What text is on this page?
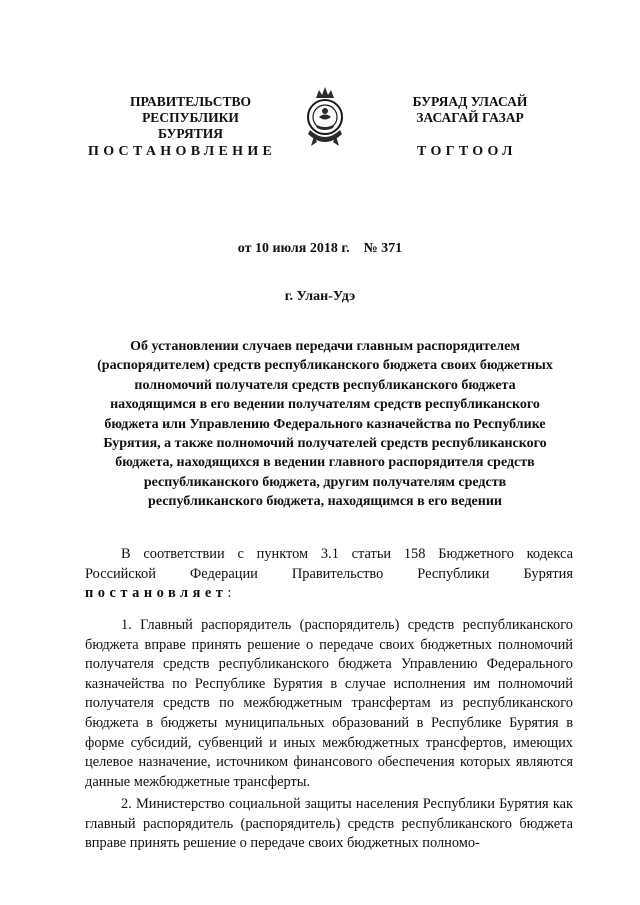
ПРАВИТЕЛЬСТВО
РЕСПУБЛИКИ БУРЯТИЯ
БУРЯАД УЛАСАЙ
ЗАСАГАЙ ГАЗАР
ПОСТАНОВЛЕНИЕ	ТОГТООЛ
от 10 июля 2018 г.    № 371
г. Улан-Удэ
Об установлении случаев передачи главным распорядителем (распорядителем) средств республиканского бюджета своих бюджетных полномочий получателя средств республиканского бюджета находящимся в его ведении получателям средств республиканского бюджета или Управлению Федерального казначейства по Республике Бурятия, а также полномочий получателей средств республиканского бюджета, находящихся в ведении главного распорядителя средств республиканского бюджета, другим получателям средств республиканского бюджета, находящимся в его ведении
В соответствии с пунктом 3.1 статьи 158 Бюджетного кодекса Российской Федерации Правительство Республики Бурятия постановляет:
1. Главный распорядитель (распорядитель) средств республиканского бюджета вправе принять решение о передаче своих бюджетных полномочий получателя средств республиканского бюджета Управлению Федерального казначейства по Республике Бурятия в случае исполнения им полномочий получателя средств по межбюджетным трансфертам из республиканского бюджета в бюджеты муниципальных образований в Республике Бурятия в форме субсидий, субвенций и иных межбюджетных трансфертов, имеющих целевое назначение, источником финансового обеспечения которых являются данные межбюджетные трансферты.
2. Министерство социальной защиты населения Республики Бурятия как главный распорядитель (распорядитель) средств республиканского бюджета вправе принять решение о передаче своих бюджетных полномо-
